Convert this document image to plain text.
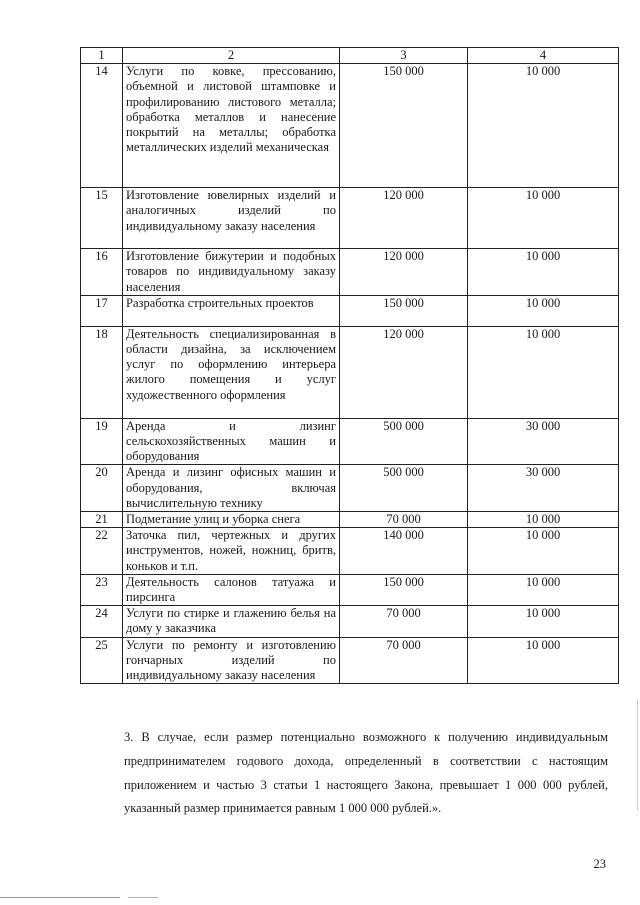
1	2	3	4
14	Услуги по ковке, прессованию, объемной и листовой штамповке и профилированию листового металла; обработка металлов и нанесение покрытий на металлы; обработка металлических изделий механическая	150 000	10 000
15	Изготовление ювелирных изделий и аналогичных изделий по индивидуальному заказу населения	120 000	10 000
16	Изготовление бижутерии и подобных товаров по индивидуальному заказу населения	120 000	10 000
17	Разработка строительных проектов	150 000	10 000
18	Деятельность специализированная в области дизайна, за исключением услуг по оформлению интерьера жилого помещения и услуг художественного оформления	120 000	10 000
19	Аренда и лизинг сельскохозяйственных машин и оборудования	500 000	30 000
20	Аренда и лизинг офисных машин и оборудования, включая вычислительную технику	500 000	30 000
21	Подметание улиц и уборка снега	70 000	10 000
22	Заточка пил, чертежных и других инструментов, ножей, ножниц, бритв, коньков и т.п.	140 000	10 000
23	Деятельность салонов татуажа и пирсинга	150 000	10 000
24	Услуги по стирке и глажению белья на дому у заказчика	70 000	10 000
25	Услуги по ремонту и изготовлению гончарных изделий по индивидуальному заказу населения	70 000	10 000
3. В случае, если размер потенциально возможного к получению индивидуальным предпринимателем годового дохода, определенный в соответствии с настоящим приложением и частью 3 статьи 1 настоящего Закона, превышает 1 000 000 рублей, указанный размер принимается равным 1 000 000 рублей.».
23
